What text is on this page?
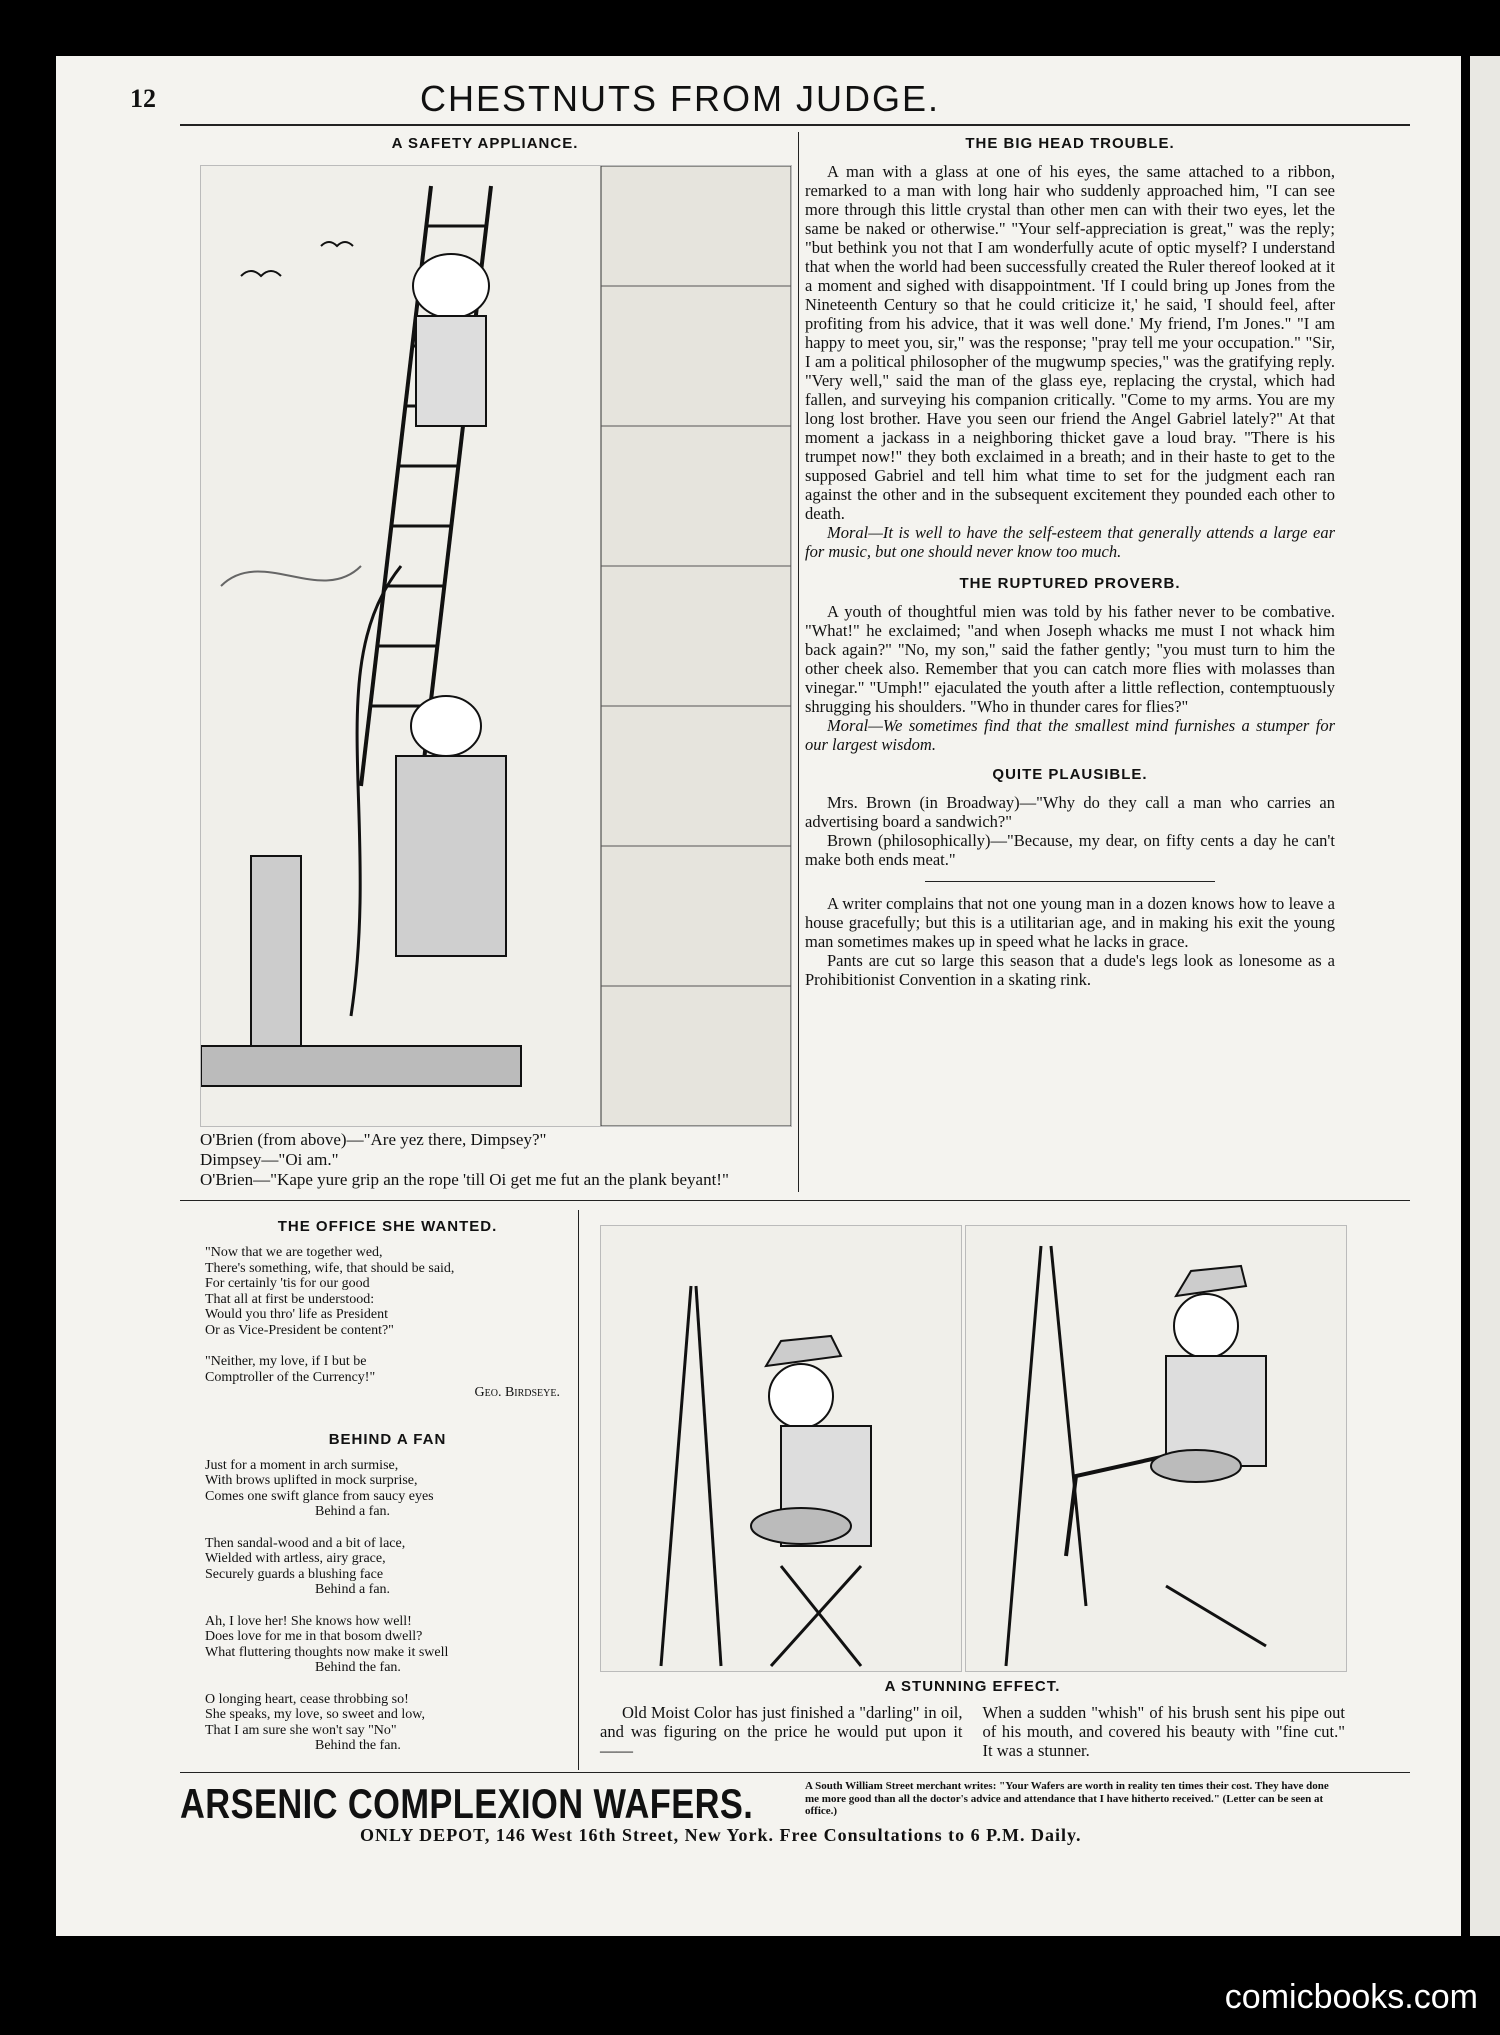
12	CHESTNUTS FROM JUDGE.
A SAFETY APPLIANCE.

O'Brien (from above)—"Are yez there, Dimpsey?"

Dimpsey—"Oi am."

O'Brien—"Kape yure grip an the rope 'till Oi get me fut an the plank beyant!"

THE BIG HEAD TROUBLE.

A man with a glass at one of his eyes, the same attached to a ribbon, remarked to a man with long hair who suddenly approached him, "I can see more through this little crystal than other men can with their two eyes, let the same be naked or otherwise." "Your self-appreciation is great," was the reply; "but bethink you not that I am wonderfully acute of optic myself? I understand that when the world had been successfully created the Ruler thereof looked at it a moment and sighed with disappointment. 'If I could bring up Jones from the Nineteenth Century so that he could criticize it,' he said, 'I should feel, after profiting from his advice, that it was well done.' My friend, I'm Jones." "I am happy to meet you, sir," was the response; "pray tell me your occupation." "Sir, I am a political philosopher of the mugwump species," was the gratifying reply. "Very well," said the man of the glass eye, replacing the crystal, which had fallen, and surveying his companion critically. "Come to my arms. You are my long lost brother. Have you seen our friend the Angel Gabriel lately?" At that moment a jackass in a neighboring thicket gave a loud bray. "There is his trumpet now!" they both exclaimed in a breath; and in their haste to get to the supposed Gabriel and tell him what time to set for the judgment each ran against the other and in the subsequent excitement they pounded each other to death.

Moral—It is well to have the self-esteem that generally attends a large ear for music, but one should never know too much.

THE RUPTURED PROVERB.

A youth of thoughtful mien was told by his father never to be combative. "What!" he exclaimed; "and when Joseph whacks me must I not whack him back again?" "No, my son," said the father gently; "you must turn to him the other cheek also. Remember that you can catch more flies with molasses than vinegar." "Umph!" ejaculated the youth after a little reflection, contemptuously shrugging his shoulders. "Who in thunder cares for flies?"

Moral—We sometimes find that the smallest mind furnishes a stumper for our largest wisdom.

QUITE PLAUSIBLE.

Mrs. Brown (in Broadway)—"Why do they call a man who carries an advertising board a sandwich?"

Brown (philosophically)—"Because, my dear, on fifty cents a day he can't make both ends meat."

A writer complains that not one young man in a dozen knows how to leave a house gracefully; but this is a utilitarian age, and in making his exit the young man sometimes makes up in speed what he lacks in grace.

Pants are cut so large this season that a dude's legs look as lonesome as a Prohibitionist Convention in a skating rink.

THE OFFICE SHE WANTED.
"Now that we are together wed,
There's something, wife, that should be said,
For certainly 'tis for our good
That all at first be understood:
Would you thro' life as President
Or as Vice-President be content?"
"Neither, my love, if I but be
Comptroller of the Currency!"
Geo. Birdseye.
BEHIND A FAN
Just for a moment in arch surmise,
With brows uplifted in mock surprise,
Comes one swift glance from saucy eyes
Behind a fan.
Then sandal-wood and a bit of lace,
Wielded with artless, airy grace,
Securely guards a blushing face
Behind a fan.
Ah, I love her! She knows how well!
Does love for me in that bosom dwell?
What fluttering thoughts now make it swell
Behind the fan.
O longing heart, cease throbbing so!
She speaks, my love, so sweet and low,
That I am sure she won't say "No"
Behind the fan.
A STUNNING EFFECT.

Old Moist Color has just finished a "darling" in oil, and was figuring on the price he would put upon it——

When a sudden "whish" of his brush sent his pipe out of his mouth, and covered his beauty with "fine cut." It was a stunner.

ARSENIC COMPLEXION WAFERS.
ONLY DEPOT, 146 West 16th Street, New York. Free Consultations to 6 P.M. Daily.
A South William Street merchant writes: "Your Wafers are worth in reality ten times their cost. They have done me more good than all the doctor's advice and attendance that I have hitherto received." (Letter can be seen at office.)
comicbooks.com
